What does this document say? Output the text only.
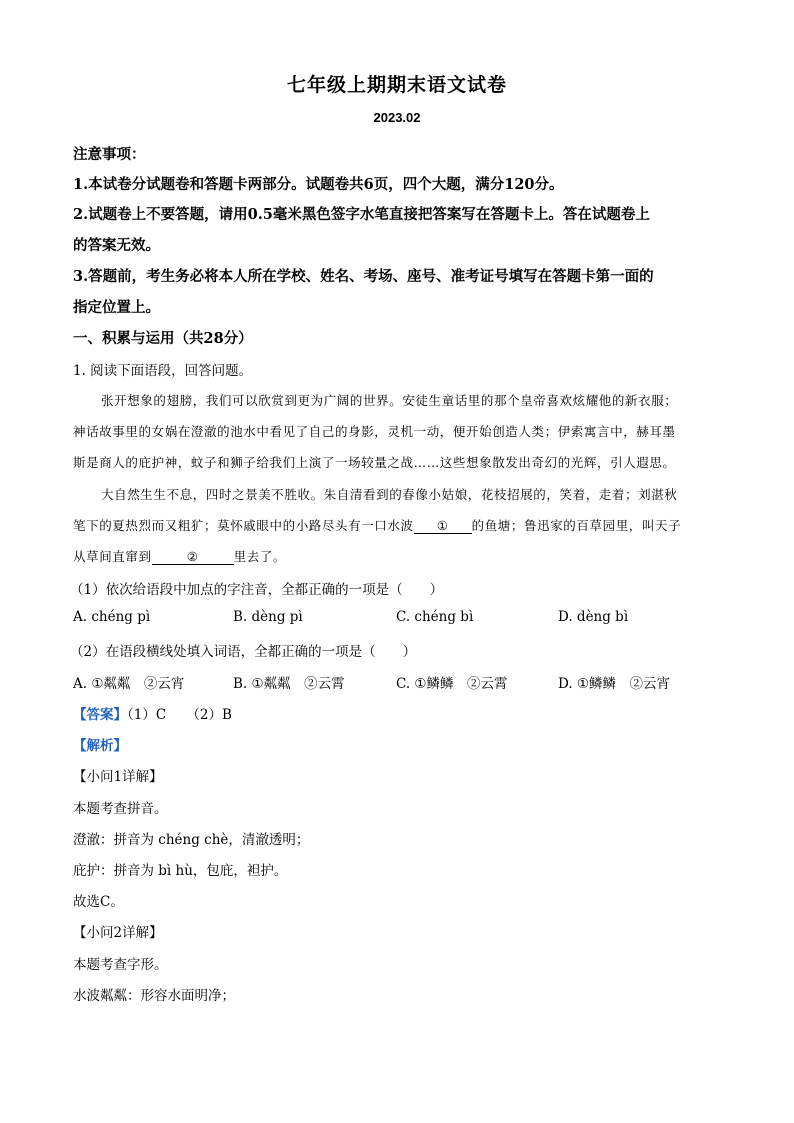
七年级上期期末语文试卷
2023.02
注意事项：
1.本试卷分试题卷和答题卡两部分。试题卷共6页，四个大题，满分120分。
2.试题卷上不要答题，请用0.5毫米黑色签字水笔直接把答案写在答题卡上。答在试题卷上
的答案无效。
3.答题前，考生务必将本人所在学校、姓名、考场、座号、准考证号填写在答题卡第一面的
指定位置上。
一、积累与运用（共28分）
1. 阅读下面语段，回答问题。
张开想象的翅膀，我们可以欣赏到更为广阔的世界。安徒生童话里的那个皇帝喜欢炫耀他的新衣服；
神话故事里的女娲在澄澈的池水中看见了自己的身影，灵机一动，便开始创造人类；伊索寓言中，赫耳墨
斯是商人的庇护神，蚊子和狮子给我们上演了一场较量之战……这些想象散发出奇幻的光辉，引人遐思。
大自然生生不息，四时之景美不胜收。朱自清看到的春像小姑娘，花枝招展的，笑着，走着；刘湛秋
笔下的夏热烈而又粗犷；莫怀戚眼中的小路尽头有一口水波 ① 的鱼塘；鲁迅家的百草园里，叫天子
从草间直窜到	②	里去了。
（1）依次给语段中加点的字注音，全都正确的一项是（　　）
A. chéng pì	B. dèng pì	C. chéng bì	D. dèng bì
（2）在语段横线处填入词语，全都正确的一项是（　　）
A. ①粼粼　②云宵	B. ①粼粼　②云霄	C. ①鳞鳞　②云霄	D. ①鳞鳞　②云宵
【答案】（1）C　　（2）B
【解析】
【小问1详解】
本题考查拼音。
澄澈：拼音为 chéng chè，清澈透明；
庇护：拼音为 bì hù，包庇，袒护。
故选C。
【小问2详解】
本题考查字形。
水波粼粼：形容水面明净；
